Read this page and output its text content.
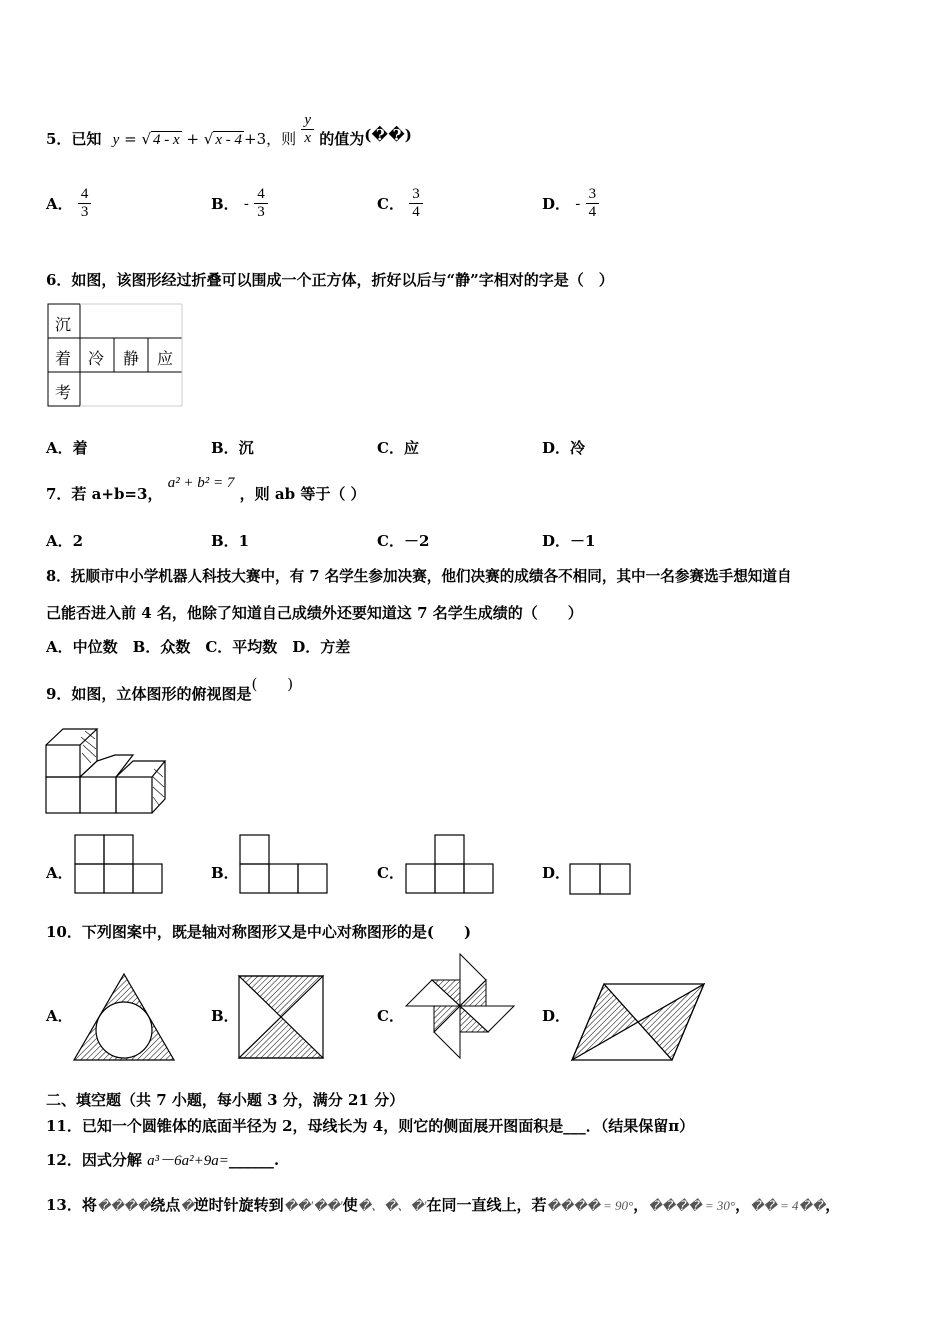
5．已知 y = √ 4 - x + √ x - 4 +3，则 $\frac{y}{x}$ 的值为(��)
A． $\frac{4}{3}$	B． - $\frac{4}{3}$	C． $\frac{3}{4}$	D． - $\frac{3}{4}$
6．如图，该图形经过折叠可以围成一个正方体，折好以后与“静”字相对的字是（　）
沉
着 冷 静 应
考
A．着	B．沉	C．应	D．冷
7．若 a+b=3， a² + b² = 7 ，则 ab 等于（ ）
A．2	B．1	C．－2	D．－1
8．抚顺市中小学机器人科技大赛中，有 7 名学生参加决赛，他们决赛的成绩各不相同，其中一名参赛选手想知道自
己能否进入前 4 名，他除了知道自己成绩外还要知道这 7 名学生成绩的（　　）
A．中位数　B．众数　C．平均数　D．方差
9．如图，立体图形的俯视图是(　　)
A．	B．	C．	D．
10．下列图案中，既是轴对称图形又是中心对称图形的是(　　)
A．	B．	C．	D．
二、填空题（共 7 小题，每小题 3 分，满分 21 分）
11．已知一个圆锥体的底面半径为 2，母线长为 4，则它的侧面展开图面积是___．（结果保留π）
12．因式分解 a³－6a²+9a=______.
13．将����绕点�逆时针旋转到��′��′使�、�、�′在同一直线上，若���� = 90°，���� = 30°，�� = 4��，
